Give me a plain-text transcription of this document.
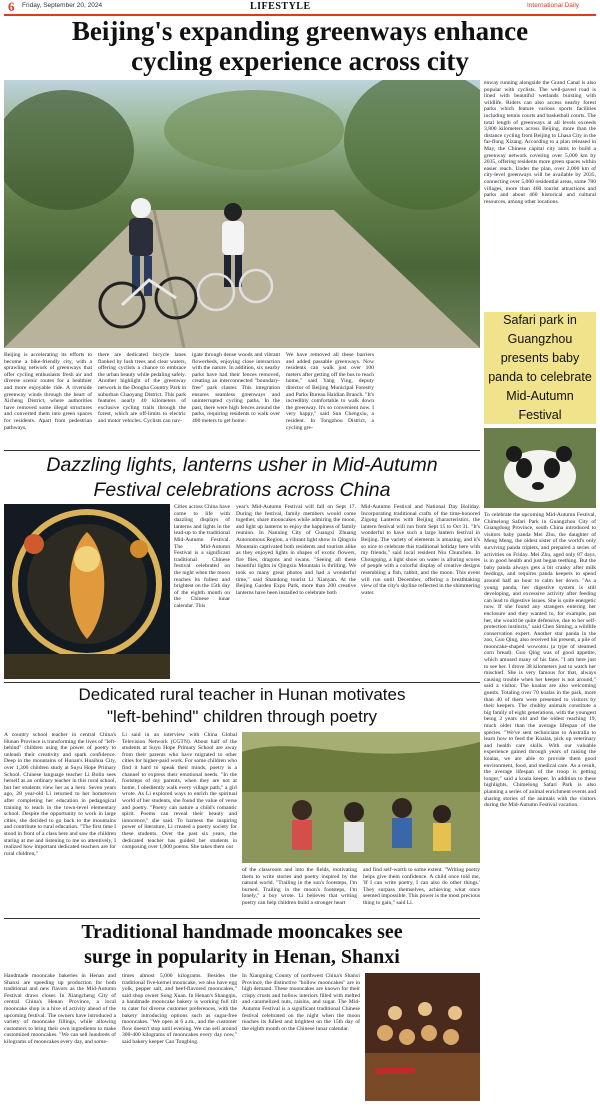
6 Friday, September 20, 2024	LIFESTYLE	International Daily
Beijing's expanding greenways enhance
cycling experience across city
Beijing is accelerating its efforts to become a bike-friendly city, with a sprawling network of greenways that offer cycling enthusiasts fresh air and diverse scenic routes for a healthier and more enjoyable ride. A riverside greenway winds through the heart of Xicheng District, where authorities have removed some illegal structures and converted them into green spaces for residents. Apart from pedestrian pathways,
there are dedicated bicycle lanes flanked by lush trees and clear waters, offering cyclists a chance to embrace the urban beauty while pedaling safely. Another highlight of the greenway network is the Dongba Country Park in suburban Chaoyang District. This park features nearly 40 kilometers of exclusive cycling trails through the forest, which are off-limits to electric and motor vehicles. Cyclists can nav-
igate through dense woods and vibrant flowerbeds, enjoying close interaction with the nature. In addition, six nearby parks have had their fences removed, creating an interconnected "boundary-free" park cluster. This integration ensures seamless greenways and uninterrupted cycling paths. In the past, there were high fences around the parks, requiring residents to walk over 400 meters to get home.
We have removed all these barriers and added passable greenways. Now residents can walk just over 100 meters after getting off the bus to reach home," said Yang Ying, deputy director of Beijing Municipal Forestry and Parks Bureau Haidian Branch. "It's incredibly comfortable to walk down the greenway. It's so convenient now. I very happy," said Sun Chengxiu, a resident. In Tongzhou District, a cycling gre-
enway running alongside the Grand Canal is also popular with cyclists. The well-paved road is lined with beautiful wetlands bursting with wildlife. Riders can also access nearby forest parks which feature various sports facilities including tennis courts and basketball courts. The total length of greenways at all levels exceeds 3,800 kilometers across Beijing, more than the distance cycling from Beijing to Lhasa City in the far-flung Xizang. According to a plan released in May, the Chinese capital city aims to build a greenway network covering over 5,000 km by 2035, offering residents more green spaces within easier reach. Under the plan, over 2,000 km of city-level greenways will be available by 2035, connecting over 5,000 residential areas, some 780 villages, more than 460 tourist attractions and parks and about 460 historical and cultural resources, among other locations.
Safari park in Guangzhou presents baby panda to celebrate Mid-Autumn Festival
To celebrate the upcoming Mid-Autumn Festival, Chimelong Safari Park in Guangzhou City of Guangdong Province, south China introduced to visitors baby panda Mei Zhu, the daughter of Meng Meng, the oldest sister of the world's only surviving panda triplets, and prepared a series of activities on Friday. Mei Zhu, aged only 87 days, is in good health and just began teething. But the baby panda always gets a bit cranky after milk feedings, and requires panda keepers to spend around half an hour to calm her down. "As a young panda, her digestive system is still developing, and excessive activity after feeding can lead to digestive issues. She is quite energetic now. If she found any strangers entering her enclosure and they wanted to, for example, pat her, she would be quite defensive, due to her self-protection instincts," said Chen Siming, a wildlife conservation expert. Another star panda in the zoo, Guo Qing, also received his present, a pile of mooncake-shaped wowotou (a type of steamed corn bread). Guo Qing was of good appetite, which amused many of his fans. "I am here just to see her. I drove 38 kilometers just to watch her mischief. She is very famous for that, always causing trouble when her keeper is not around," said a visitor. The koalas are also welcoming guests. Totaling over 70 koalas in the park, more than 40 of them were presented to visitors by their keepers. The chubby animals constitute a big family of eight generations, with the youngest being 2 years old and the oldest reaching 19, much older than the average lifespan of the species. "We've sent technicians to Australia to learn how to feed the Koalas, pick up veterinary and health care skills. With our valuable experience gained through years of raising the koalas, we are able to provide them good environment, food, and medical care. As a result, the average lifespan of the troop is getting longer," said a koala keeper. In addition to these highlights, Chimelong Safari Park is also planning a series of animal enrichment events and sharing stories of the animals with the visitors during the Mid-Autumn Festival vacation.
Dazzling lights, lanterns usher in Mid-Autumn
Festival celebrations across China
Cities across China have come to life with dazzling displays of lanterns and lights in the lead-up to the traditional Mid-Autumn Festival. The Mid-Autumn Festival is a significant traditional Chinese festival celebrated on the night when the moon reaches its fullest and brightest on the 15th day of the eighth month on the Chinese lunar calendar. This
year's Mid-Autumn Festival will fall on Sept 17. During the festival, family members would come together, share mooncakes while admiring the moon, and light up lanterns to enjoy the happiness of family reunion. In Nanning City of Guangxi Zhuang Autonomous Region, a vibrant light show in Qingxiu Mountain captivated both residents and tourists alike as they enjoyed lights in shapes of exotic flowers, fire flies, dragons and swans. "Seeing all these beautiful lights in Qingxiu Mountain is thrilling. We took so many great photos and had a wonderful time," said Shandong tourist Li Xianyan. At the Beijing Garden Expo Park, more than 200 creative lanterns have been installed to celebrate both
Mid-Autumn Festival and National Day Holiday. Incorporating traditional crafts of the time-honored Zigong Lanterns with Beijing characteristics, the lantern festival will run from Sept 15 to Oct 31. "It's wonderful to have such a large lantern festival in Beijing. The variety of elements is amazing, and it's so nice to celebrate this traditional holiday here with my friends," said local resident Niu Chunchen. In Chongqing, a light show on water is alluring scores of people with a colorful display of creative designs resembling a fish, rabbit, and the moon. This event will run until December, offering a breathtaking view of the city's skyline reflected in the shimmering water.
Dedicated rural teacher in Hunan motivates
"left-behind" children through poetry
A country school teacher in central China's Hunan Province is transforming the lives of "left-behind" children using the power of poetry to unleash their creativity and spark confidence. Deep in the mountains of Hunan's Huaihua City, over 1,300 children study at Suyu Hope Primary School. Chinese language teacher Li Bolin sees herself as an ordinary teacher in this rural school, but her students view her as a hero. Seven years ago, 28 year-old Li returned to her hometown after completing her education in pedagogical training to teach in the town-level elementary school. Despite the opportunity to work in large cities, she decided to go back to the mountains and contribute to rural education. "The first time I stood in front of a class here and saw the children staring at me and listening to me so attentively, I realized how important dedicated teachers are for rural children,"
Li said in an interview with China Global Television Network (CGTN). About half of the students at Suyu Hope Primary School are away from their parents who have migrated to other cities for higher-paid work. For some children who find it hard to speak their minds, poetry is a channel to express their emotional needs. "In the footsteps of my parents, when they are not at home, I obediently walk every village path," a girl wrote. As Li explored ways to enrich the spiritual world of her students, she found the value of verse and poetry. "Poetry can nature a child's romantic spirit. Poems can reveal their beauty and innocence," she said. To harness the inspiring power of literature, Li created a poetry society for these students. Over the past six years, the dedicated teacher has guided her students in composing over 1,000 poems. She takes them out
of the classroom and into the fields, motivating them to write stories and poetry inspired by the natural world. "Trailing in the sun's footsteps, I'm burned. Trailing in the moon's footsteps, I'm lonely," a boy wrote. Li believes that writing poetry can help children build a stronger heart
and find self-worth to some extent. "Writing poetry helps give them confidence. A child once told me, 'If I can write poetry, I can also do other things.' They surpass themselves, achieving what once seemed impossible. This power is the most precious thing to gain," said Li.
Traditional handmade mooncakes see
surge in popularity in Henan, Shanxi
Handmade mooncake bakeries in Henan and Shanxi are speeding up production for both traditional and new flavors as the Mid-Autumn Festival draws closer. In Xiangcheng City of central China's Henan Province, a local mooncake shop is a hive of activity ahead of the upcoming festival. The owners have introduced a variety of mooncake fillings, while allowing customers to bring their own ingredients to make customized mooncakes. "We can sell hundreds of kilograms of mooncakes every day, and some-
times almost 5,000 kilograms. Besides the traditional five-kernel mooncake, we also have egg yolk, pepper salt, and beef-flavored mooncakes," said shop owner Song Xuan. In Henan's Shangqiu, a handmade mooncake bakery is working full tilt to cater for diverse customer preferences, with the bakery introducing options such as sugar-free mooncakes. "We open at 6 a.m., and the customer flow doesn't stop until evening. We can sell around 300-400 kilograms of mooncakes every day now," said bakery keeper Cao Tongbing.
In Xiangning County of northwest China's Shanxi Province, the distinctive "hollow mooncakes" are in high demand. These mooncakes are known for their crispy crusts and hollow interiors filled with melted and caramelized nuts, raisins, and sugar. The Mid-Autumn Festival is a significant traditional Chinese festival celebrated on the night when the moon reaches its fullest and brightest on the 15th day of the eighth month on the Chinese lunar calendar.
